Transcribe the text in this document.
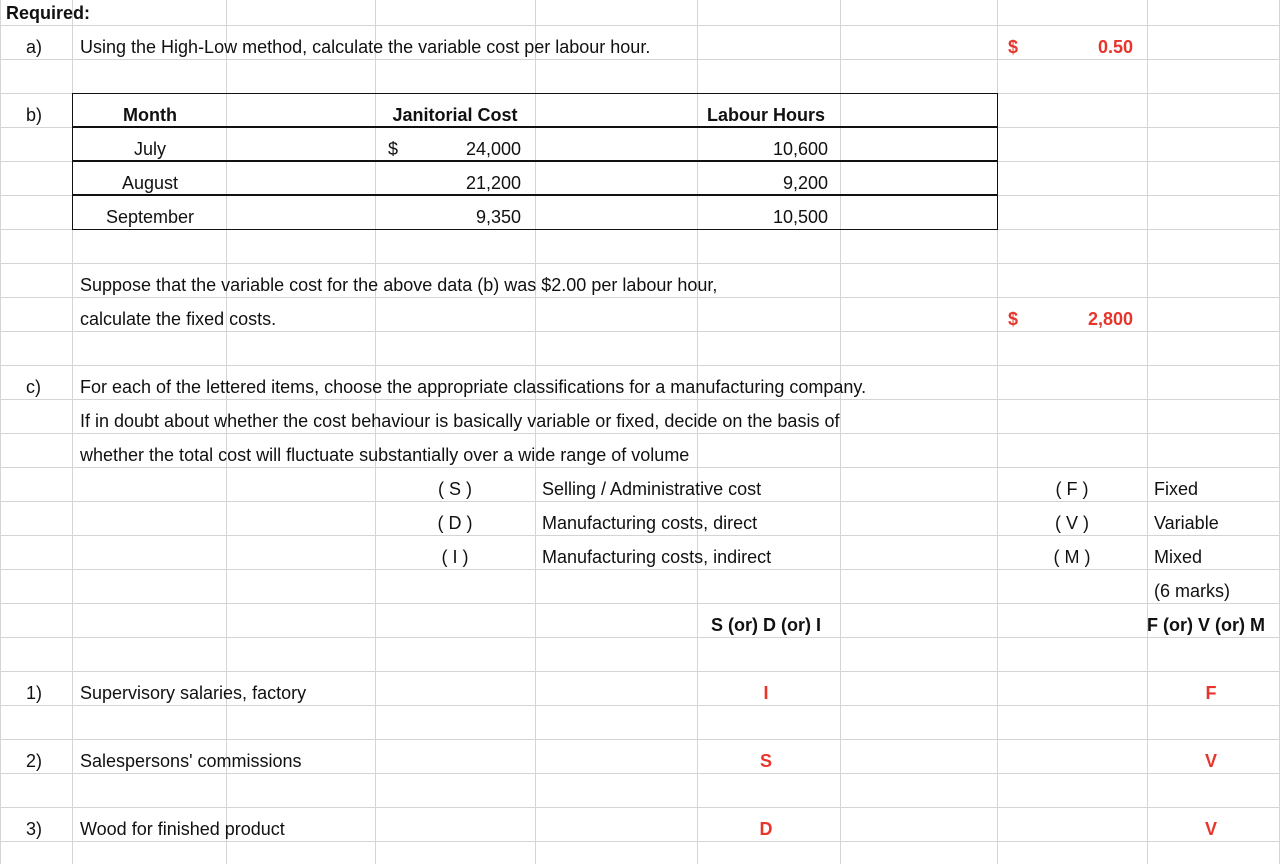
Required:
a) Using the High-Low method, calculate the variable cost per labour hour.	$	0.50
b)	Month	Janitorial Cost	Labour Hours
July	$	24,000	10,600
August	21,200	9,200
September	9,350	10,500
Suppose that the variable cost for the above data (b) was $2.00 per labour hour,
calculate the fixed costs.	$	2,800
c) For each of the lettered items, choose the appropriate classifications for a manufacturing company.
If in doubt about whether the cost behaviour is basically variable or fixed, decide on the basis of
whether the total cost will fluctuate substantially over a wide range of volume
( S )	Selling / Administrative cost
( D )	Manufacturing costs, direct
( I )	Manufacturing costs, indirect
( F )	Fixed
( V )	Variable
( M )	Mixed
(6 marks)
S (or) D (or) I	F (or) V (or) M
1) Supervisory salaries, factory	I	F
2) Salespersons' commissions	S	V
3) Wood for finished product	D	V
